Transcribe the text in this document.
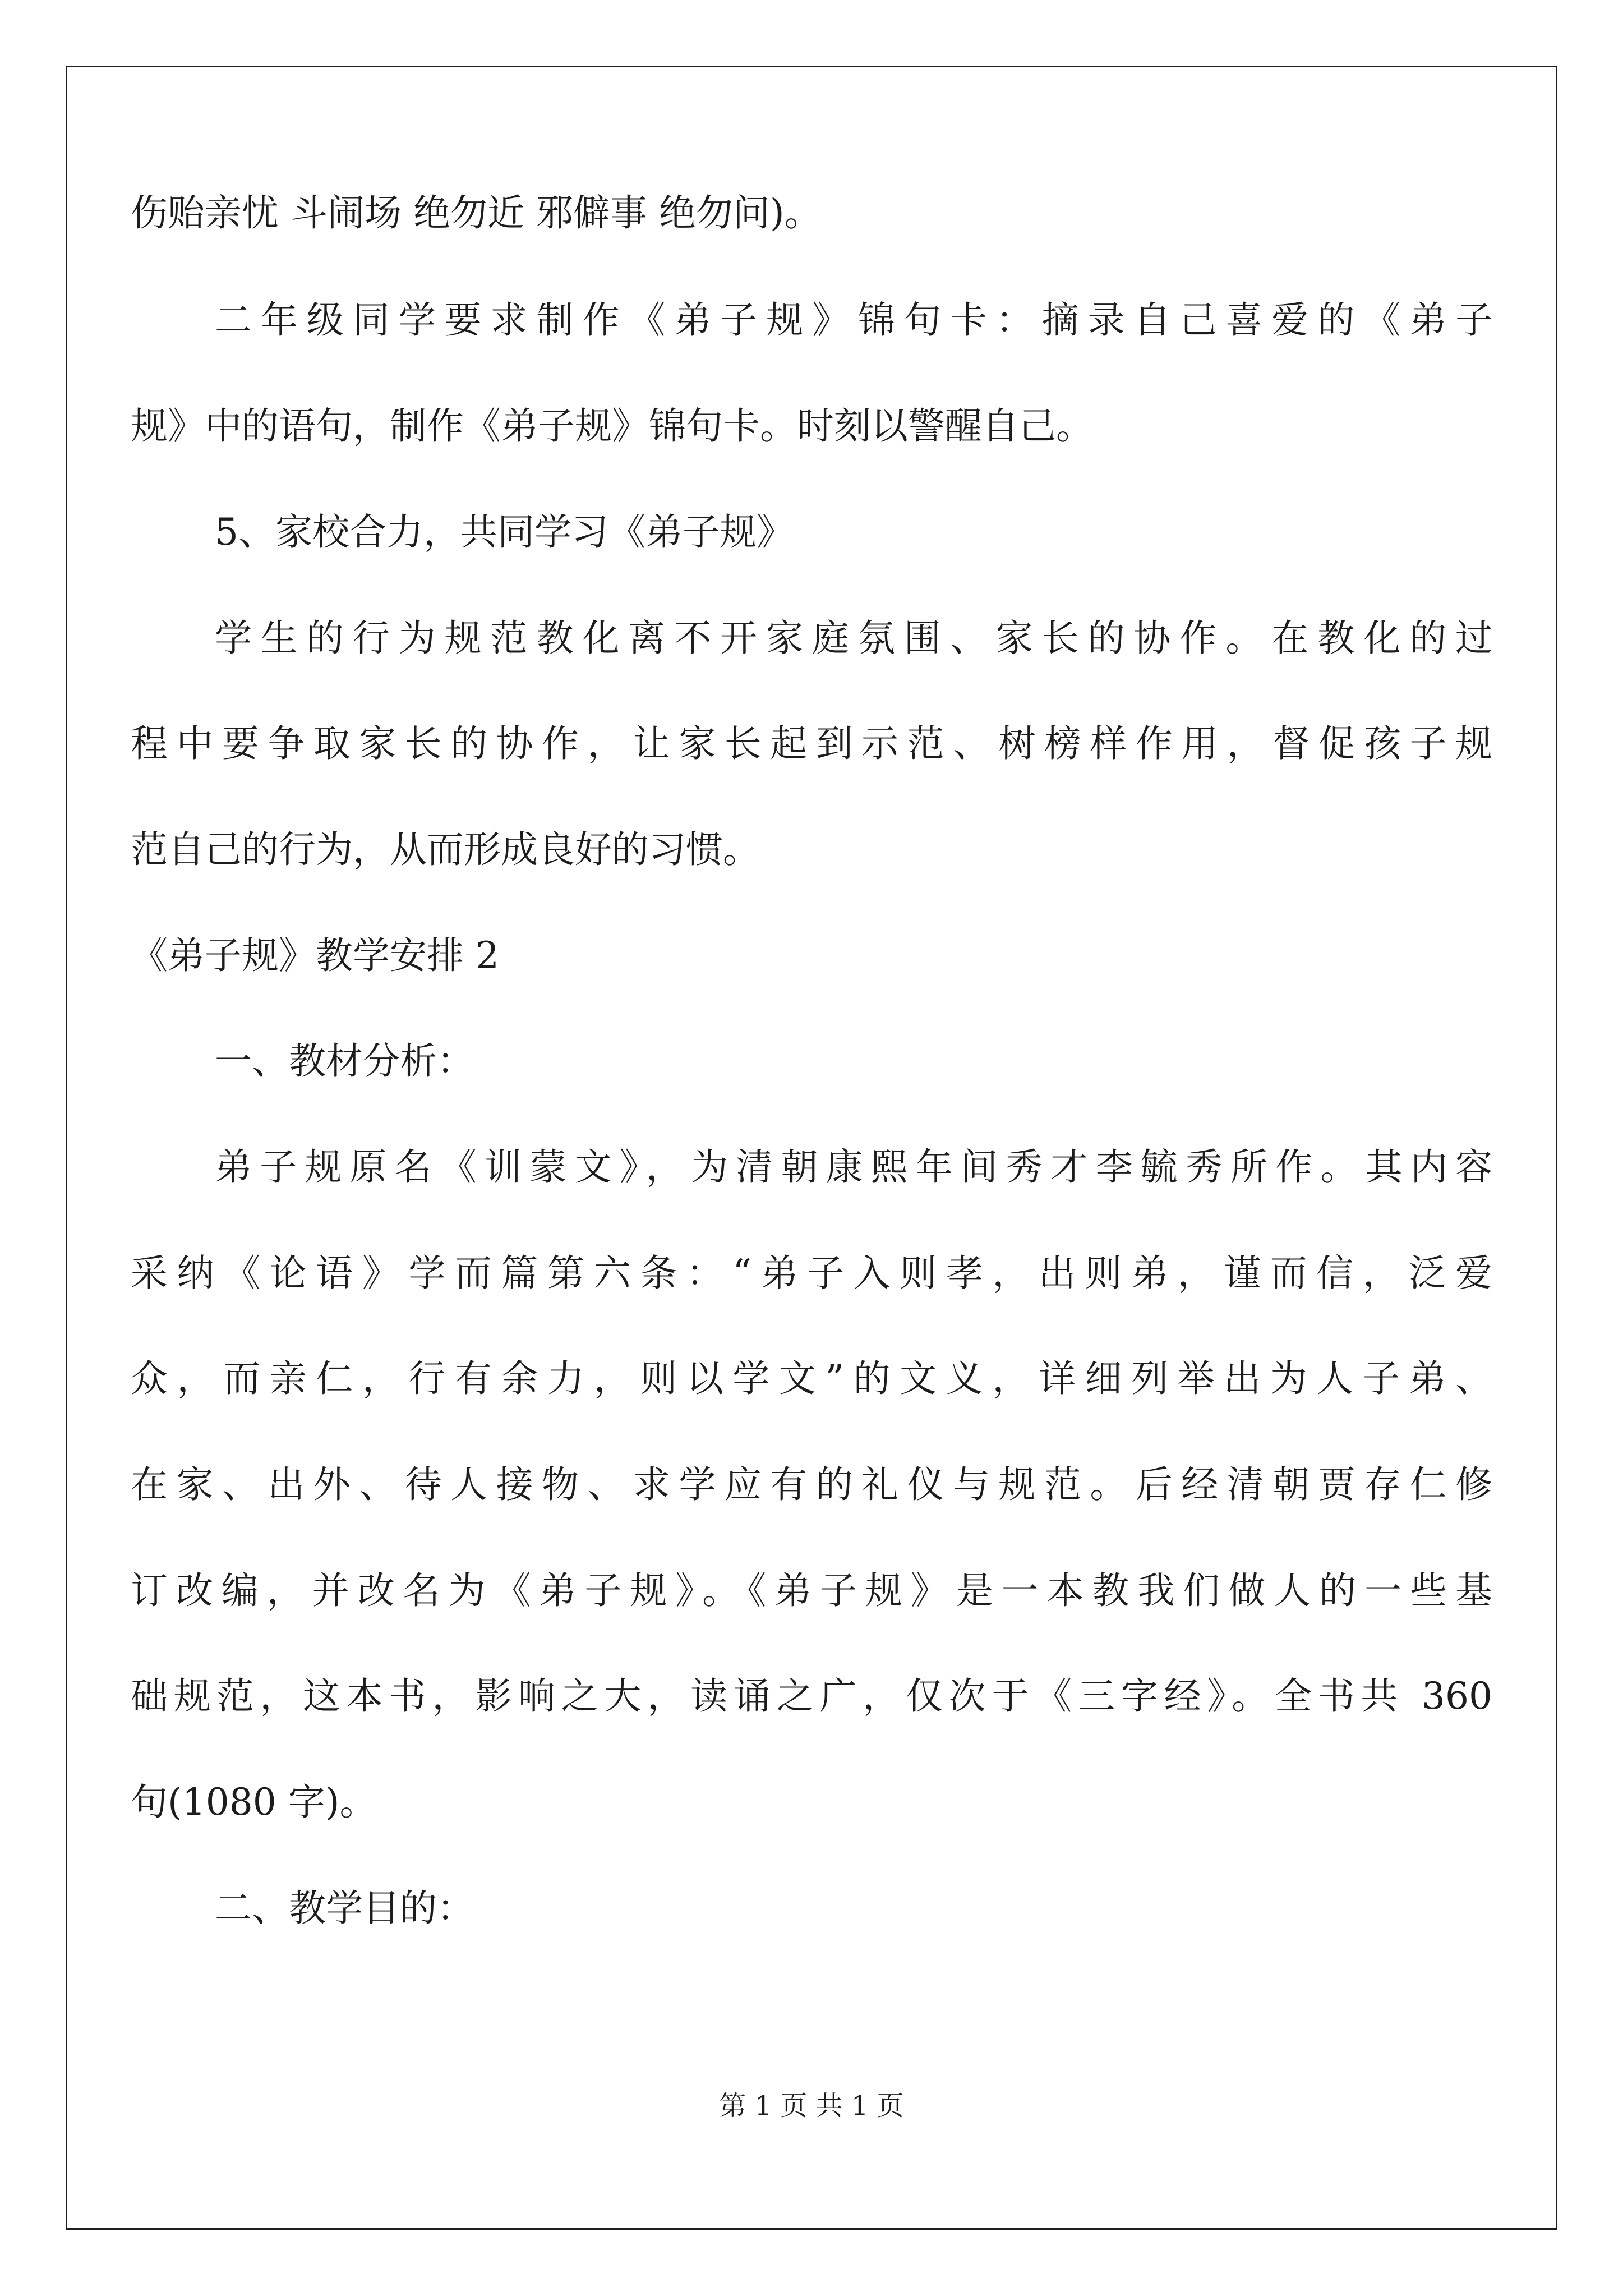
伤贻亲忧 斗闹场 绝勿近 邪僻事 绝勿问)。
二年级同学要求制作《弟子规》锦句卡：摘录自己喜爱的《弟子
规》中的语句，制作《弟子规》锦句卡。时刻以警醒自己。
5、家校合力，共同学习《弟子规》
学生的行为规范教化离不开家庭氛围、家长的协作。在教化的过
程中要争取家长的协作，让家长起到示范、树榜样作用，督促孩子规
范自己的行为，从而形成良好的习惯。
《弟子规》教学安排 2
一、教材分析：
弟子规原名《训蒙文》，为清朝康熙年间秀才李毓秀所作。其内容
采纳《论语》学而篇第六条：“弟子入则孝，出则弟，谨而信，泛爱
众，而亲仁，行有余力，则以学文”的文义，详细列举出为人子弟、
在家、出外、待人接物、求学应有的礼仪与规范。后经清朝贾存仁修
订改编，并改名为《弟子规》。《弟子规》是一本教我们做人的一些基
础规范，这本书，影响之大，读诵之广，仅次于《三字经》。全书共 360
句(1080 字)。
二、教学目的：
第 1 页 共 1 页
